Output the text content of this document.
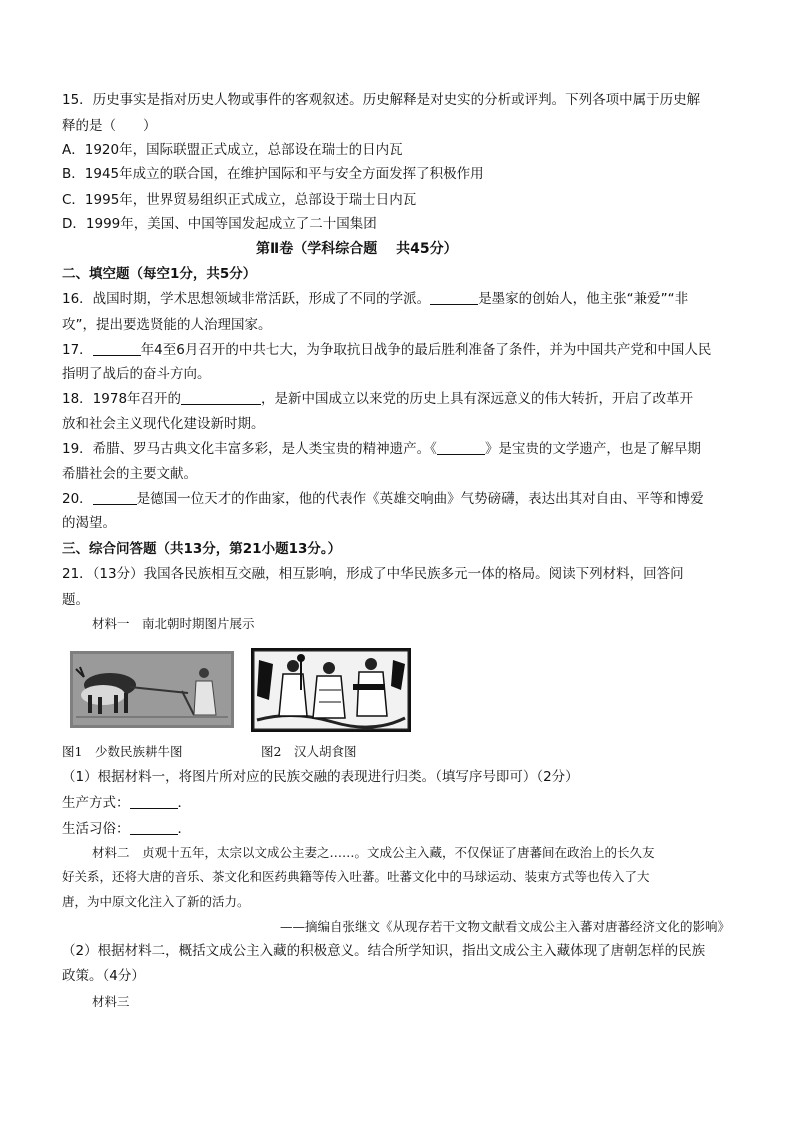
15．历史事实是指对历史人物或事件的客观叙述。历史解释是对史实的分析或评判。下列各项中属于历史解
释的是（　　）
A．1920年，国际联盟正式成立，总部设在瑞士的日内瓦
B．1945年成立的联合国，在维护国际和平与安全方面发挥了积极作用
C．1995年，世界贸易组织正式成立，总部设于瑞士日内瓦
D．1999年，美国、中国等国发起成立了二十国集团
第Ⅱ卷（学科综合题　 共45分）
二、填空题（每空1分，共5分）
16．战国时期，学术思想领域非常活跃，形成了不同的学派。	是墨家的创始人，他主张“兼爱”“非
攻”，提出要选贤能的人治理国家。
17．	年4至6月召开的中共七大，为争取抗日战争的最后胜利准备了条件，并为中国共产党和中国人民
指明了战后的奋斗方向。
18．1978年召开的	，是新中国成立以来党的历史上具有深远意义的伟大转折，开启了改革开
放和社会主义现代化建设新时期。
19．希腊、罗马古典文化丰富多彩，是人类宝贵的精神遗产。《	》是宝贵的文学遗产，也是了解早期
希腊社会的主要文献。
20．	是德国一位天才的作曲家，他的代表作《英雄交响曲》气势磅礴，表达出其对自由、平等和博爱
的渴望。
三、综合问答题（共13分，第21小题13分。）
21．（13分）我国各民族相互交融，相互影响，形成了中华民族多元一体的格局。阅读下列材料，回答问
题。
材料一　南北朝时期图片展示
图1　少数民族耕牛图	图2　汉人胡食图
（1）根据材料一，将图片所对应的民族交融的表现进行归类。（填写序号即可）（2分）
生产方式：	．
生活习俗：	．
材料二　贞观十五年，太宗以文成公主妻之……。文成公主入藏，不仅保证了唐蕃间在政治上的长久友
好关系，还将大唐的音乐、茶文化和医药典籍等传入吐蕃。吐蕃文化中的马球运动、装束方式等也传入了大
唐，为中原文化注入了新的活力。
——摘编自张继文《从现存若干文物文献看文成公主入蕃对唐蕃经济文化的影响》
（2）根据材料二，概括文成公主入藏的积极意义。结合所学知识，指出文成公主入藏体现了唐朝怎样的民族
政策。（4分）
材料三
